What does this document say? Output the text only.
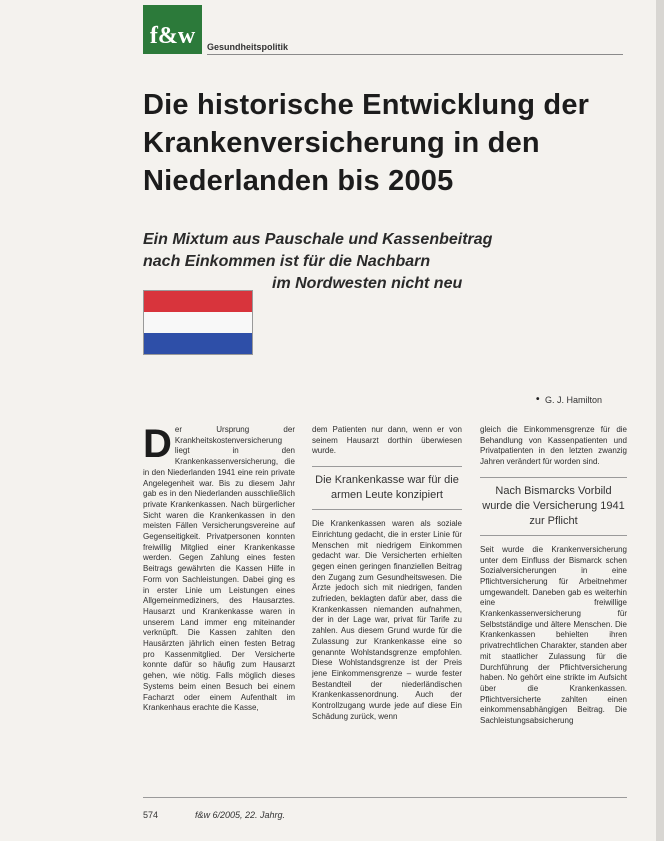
f&w	Gesundheitspolitik
Die historische Entwicklung der Krankenversicherung in den Niederlanden bis 2005
Ein Mixtum aus Pauschale und Kassenbeitrag
nach Einkommen ist für die Nachbarn
im Nordwesten nicht neu
• G. J. Hamilton

Der Ursprung der Krankheitskostenversicherung liegt in den Krankenkassenversicherung, die in den Niederlanden 1941 eine rein private Angelegenheit war. Bis zu diesem Jahr gab es in den Niederlanden ausschließlich private Krankenkassen. Nach bürgerlicher Sicht waren die Krankenkassen in den meisten Fällen Versicherungsvereine auf Gegenseitigkeit. Privatpersonen konnten freiwillig Mitglied einer Krankenkasse werden. Gegen Zahlung eines festen Beitrags gewährten die Kassen Hilfe in Form von Sachleistungen. Dabei ging es in erster Linie um Leistungen eines Allgemeinmediziners, des Hausarztes. Hausarzt und Krankenkasse waren in unserem Land immer eng miteinander verknüpft. Die Kassen zahlten den Hausärzten jährlich einen festen Betrag pro Kassenmitglied. Der Versicherte konnte dafür so häufig zum Hausarzt gehen, wie nötig. Falls möglich dieses Systems beim einen Besuch bei einem Facharzt oder einem Aufenthalt im Krankenhaus erachte die Kasse,

dem Patienten nur dann, wenn er von seinem Hausarzt dorthin überwiesen wurde.

Die Krankenkasse war für die armen Leute konzipiert

Die Krankenkassen waren als soziale Einrichtung gedacht, die in erster Linie für Menschen mit niedrigem Einkommen gedacht war. Die Versicherten erhielten gegen einen geringen finanziellen Beitrag den Zugang zum Gesundheitswesen. Die Ärzte jedoch sich mit niedrigen, fanden zufrieden, beklagten dafür aber, dass die Krankenkassen niemanden aufnahmen, der in der Lage war, privat für Tarife zu zahlen. Aus diesem Grund wurde für die Zulassung zur Krankenkasse eine so genannte Wohlstandsgrenze empfohlen. Diese Wohlstandsgrenze ist der Preis jene Einkommensgrenze – wurde fester Bestandteil der niederländischen Krankenkassenordnung. Auch der Kontrollzugang wurde jede auf diese Ein Schädung zurück, wenn

gleich die Einkommensgrenze für die Behandlung von Kassenpatienten und Privatpatienten in den letzten zwanzig Jahren verändert für worden sind.

Nach Bismarcks Vorbild wurde die Versicherung 1941 zur Pflicht

Seit wurde die Krankenversicherung unter dem Einfluss der Bismarck schen Sozialversicherungen in eine Pflichtversicherung für Arbeitnehmer umgewandelt. Daneben gab es weiterhin eine freiwillige Krankenkassenversicherung für Selbstständige und ältere Menschen. Die Krankenkassen behielten ihren privatrechtlichen Charakter, standen aber mit staatlicher Zulassung für die Durchführung der Pflichtversicherung haben. No gehört eine strikte im Aufsicht über die Krankenkassen. Pflichtversicherte zahlten einen einkommensabhängigen Beitrag. Die Sachleistungsabsicherung

574	f&w 6/2005, 22. Jahrg.
